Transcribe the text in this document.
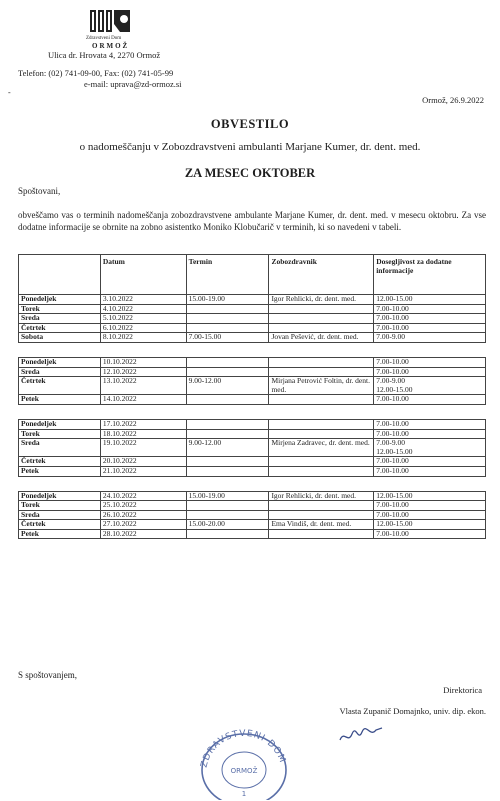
Zdravstveni Dom
ORMOŽ
Ulica dr. Hrovata 4, 2270 Ormož
Telefon: (02) 741-09-00, Fax: (02) 741-05-99
e-mail: uprava@zd-ormoz.si
-
Ormož, 26.9.2022
OBVESTILO
o nadomeščanju v Zobozdravstveni ambulanti Marjane Kumer, dr. dent. med.
ZA MESEC OKTOBER
Spoštovani,
obveščamo vas o terminih nadomeščanja zobozdravstvene ambulante Marjane Kumer, dr. dent. med. v mesecu oktobru. Za vse dodatne informacije se obrnite na zobno asistentko Moniko Klobučarič v terminih, ki so navedeni v tabeli.
	Datum	Termin	Zobozdravnik	Dosegljivost za dodatne informacije
Ponedeljek	3.10.2022	15.00-19.00	Igor Rehlicki, dr. dent. med.	12.00-15.00
Torek	4.10.2022			7.00-10.00
Sreda	5.10.2022			7.00-10.00
Četrtek	6.10.2022			7.00-10.00
Sobota	8.10.2022	7.00-15.00	Jovan Pešević, dr. dent. med.	7.00-9.00

Ponedeljek	10.10.2022			7.00-10.00
Sreda	12.10.2022			7.00-10.00
Četrtek	13.10.2022	9.00-12.00	Mirjana Petrović Foltin, dr. dent. med.	7.00-9.00
12.00-15.00
Petek	14.10.2022			7.00-10.00

Ponedeljek	17.10.2022			7.00-10.00
Torek	18.10.2022			7.00-10.00
Sreda	19.10.2022	9.00-12.00	Mirjena Zadravec, dr. dent. med.	7.00-9.00
12.00-15.00
Četrtek	20.10.2022			7.00-10.00
Petek	21.10.2022			7.00-10.00

Ponedeljek	24.10.2022	15.00-19.00	Igor Rehlicki, dr. dent. med.	12.00-15.00
Torek	25.10.2022			7.00-10.00
Sreda	26.10.2022			7.00-10.00
Četrtek	27.10.2022	15.00-20.00	Ema Vindiš, dr. dent. med.	12.00-15.00
Petek	28.10.2022			7.00-10.00
S spoštovanjem,
Direktorica
Vlasta Zupanič Domajnko, univ. dip. ekon.
ZDRAVSTVENI DOM
ORMOŽ
1
